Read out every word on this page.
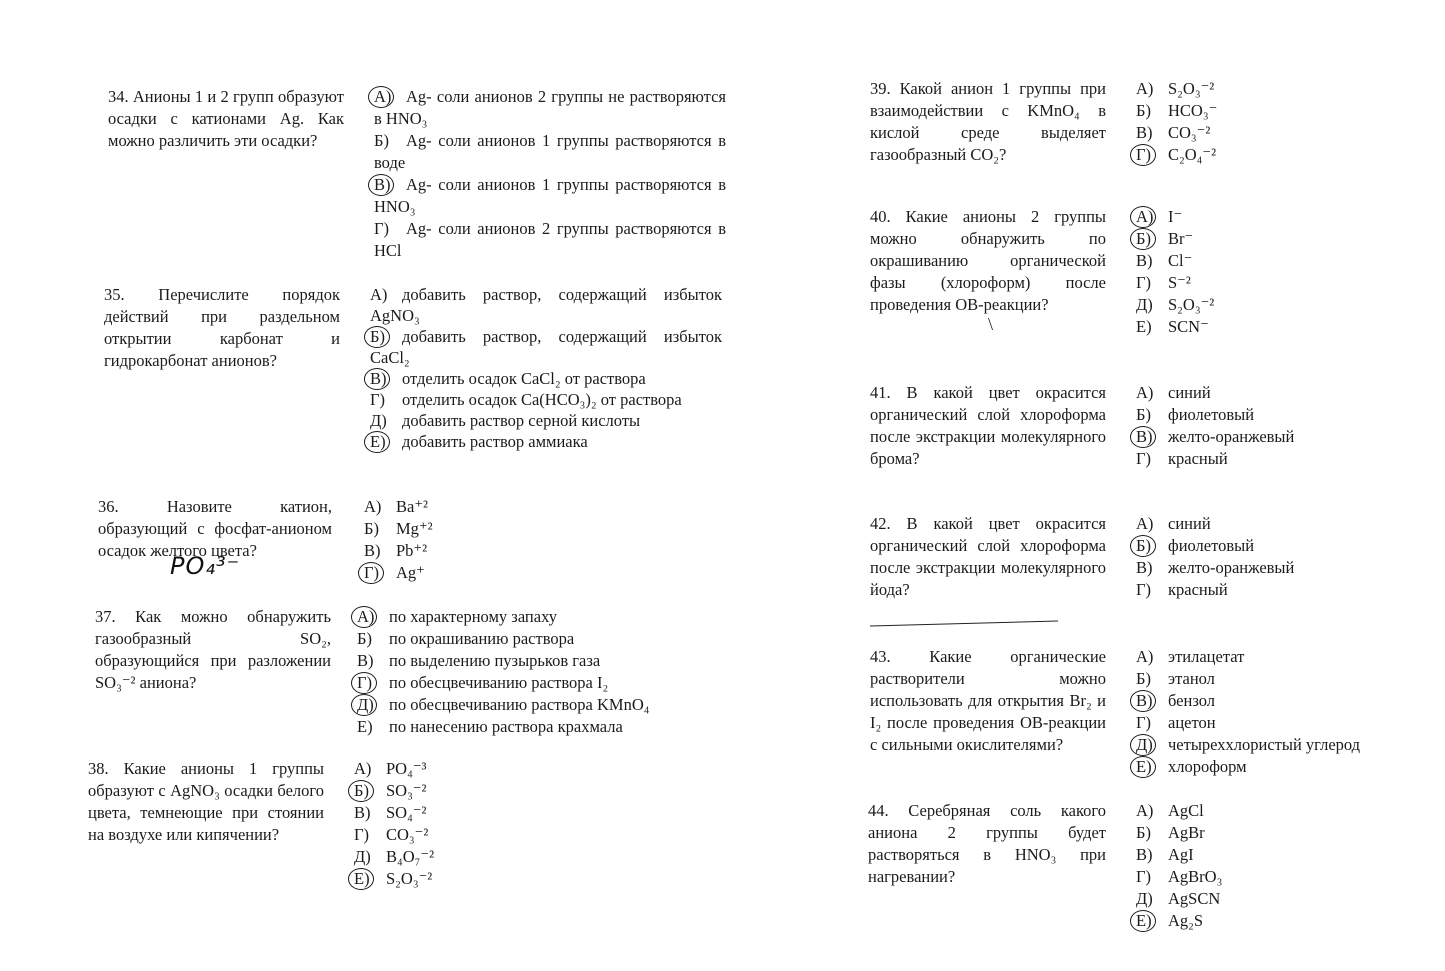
34. Анионы 1 и 2 групп образуют осадки с катионами Ag. Как можно различить эти осадки?
А) Ag- соли анионов 2 группы не растворяются в HNO₃
Б) Ag- соли анионов 1 группы растворяются в воде
В) Ag- соли анионов 1 группы растворяются в HNO₃
Г) Ag- соли анионов 2 группы растворяются в HCl
35. Перечислите порядок действий при раздельном открытии карбонат и гидрокарбонат анионов?
А) добавить раствор, содержащий избыток AgNO₃
Б) добавить раствор, содержащий избыток CaCl₂
В) отделить осадок CaCl₂ от раствора
Г) отделить осадок Ca(HCO₃)₂ от раствора
Д) добавить раствор серной кислоты
Е) добавить раствор аммиака
36. Назовите катион, образующий с фосфат-анионом осадок желтого цвета?
PO₄³⁻
А) Ba⁺²
Б) Mg⁺²
В) Pb⁺²
Г) Ag⁺
37. Как можно обнаружить газообразный SO₂, образующийся при разложении SO₃⁻² аниона?
А) по характерному запаху
Б) по окрашиванию раствора
В) по выделению пузырьков газа
Г) по обесцвечиванию раствора I₂
Д) по обесцвечиванию раствора KMnO₄
Е) по нанесению раствора крахмала
38. Какие анионы 1 группы образуют с AgNO₃ осадки белого цвета, темнеющие при стоянии на воздухе или кипячении?
А) PO₄⁻³
Б) SO₃⁻²
В) SO₄⁻²
Г) CO₃⁻²
Д) B₄O₇⁻²
Е) S₂O₃⁻²
39. Какой анион 1 группы при взаимодействии с KMnO₄ в кислой среде выделяет газообразный CO₂?
А) S₂O₃⁻²
Б) HCO₃⁻
В) CO₃⁻²
Г) C₂O₄⁻²
40. Какие анионы 2 группы можно обнаружить по окрашиванию органической фазы (хлороформ) после проведения ОВ-реакции?
\
А) I⁻
Б) Br⁻
В) Cl⁻
Г) S⁻²
Д) S₂O₃⁻²
Е) SCN⁻
41. В какой цвет окрасится органический слой хлороформа после экстракции молекулярного брома?
А) синий
Б) фиолетовый
В) желто-оранжевый
Г) красный
42. В какой цвет окрасится органический слой хлороформа после экстракции молекулярного йода?
А) синий
Б) фиолетовый
В) желто-оранжевый
Г) красный
43. Какие органические растворители можно использовать для открытия Br₂ и I₂ после проведения ОВ-реакции с сильными окислителями?
А) этилацетат
Б) этанол
В) бензол
Г) ацетон
Д) четыреххлористый углерод
Е) хлороформ
44. Серебряная соль какого аниона 2 группы будет растворяться в HNO₃ при нагревании?
А) AgCl
Б) AgBr
В) AgI
Г) AgBrO₃
Д) AgSCN
Е) Ag₂S
